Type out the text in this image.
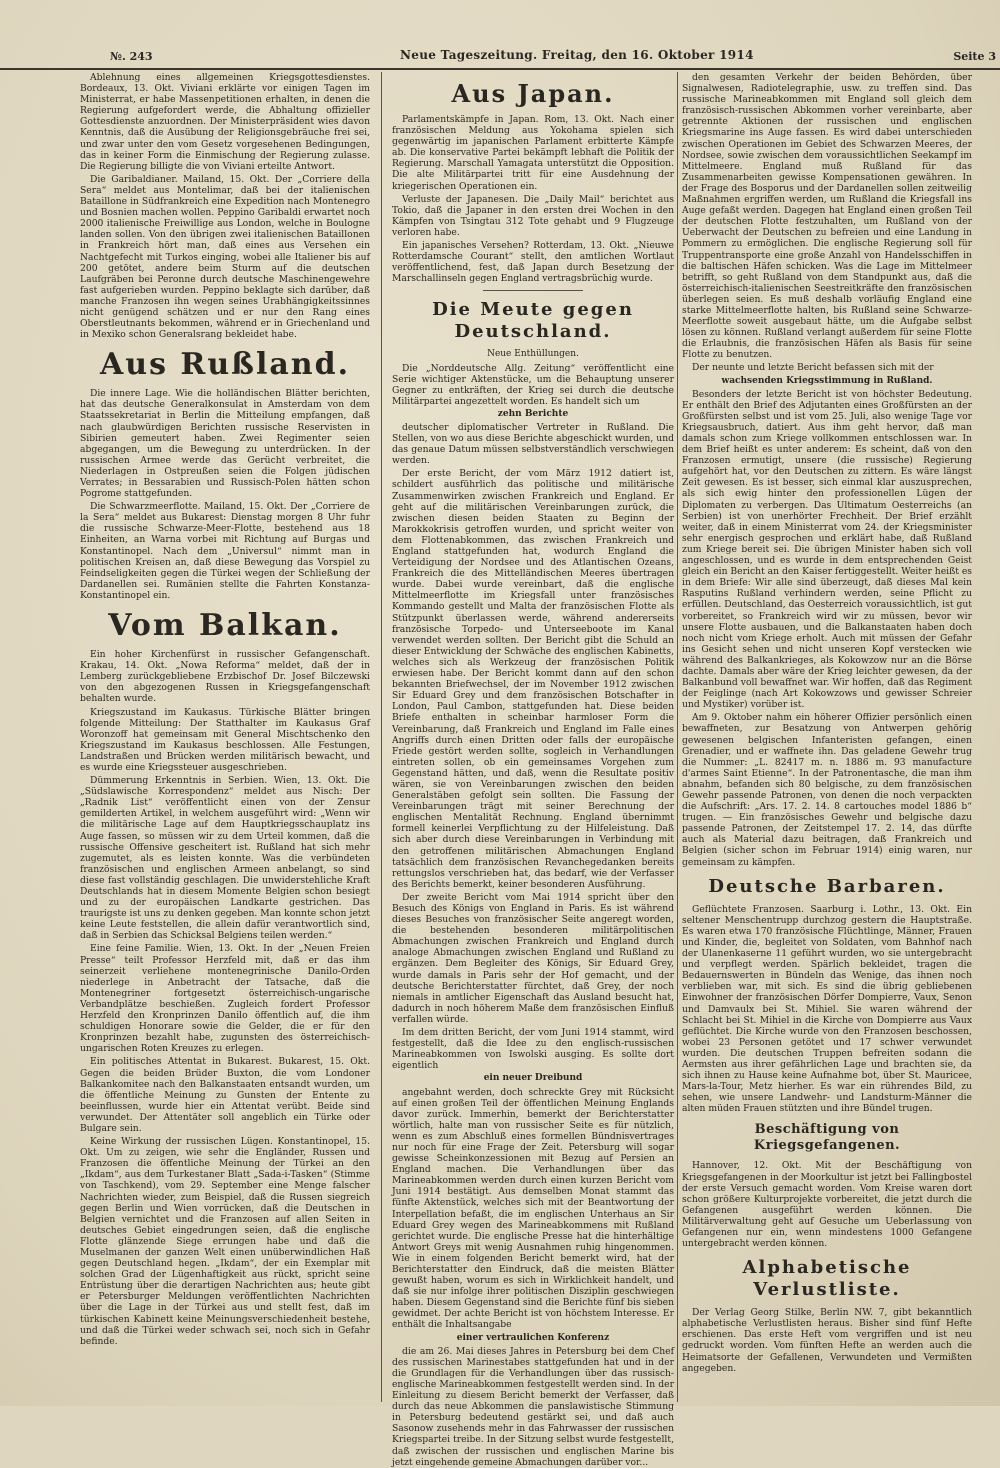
№. 243	Neue Tageszeitung. Freitag, den 16. Oktober 1914	Seite 3

Ablehnung eines allgemeinen Kriegsgottesdienstes. Bordeaux, 13. Okt. Viviani erklärte vor einigen Tagen im Ministerrat, er habe Massenpetitionen erhalten, in denen die Regierung aufgefordert werde, die Abhaltung offizieller Gottesdienste anzuordnen. Der Ministerpräsident wies davon Kenntnis, daß die Ausübung der Religionsgebräuche frei sei, und zwar unter den vom Gesetz vorgesehenen Bedingungen, das in keiner Form die Einmischung der Regierung zulasse. Die Regierung billigte die von Viviani erteilte Antwort.

Die Garibaldianer. Mailand, 15. Okt. Der „Corriere della Sera“ meldet aus Montelimar, daß bei der italienischen Bataillone in Südfrankreich eine Expedition nach Montenegro und Bosnien machen wollen. Peppino Garibaldi erwartet noch 2000 italienische Freiwillige aus London, welche in Boulogne landen sollen. Von den übrigen zwei italienischen Bataillonen in Frankreich hört man, daß eines aus Versehen ein Nachtgefecht mit Turkos einging, wobei alle Italiener bis auf 200 getötet, andere beim Sturm auf die deutschen Laufgräben bei Peronne durch deutsche Maschinengewehre fast aufgerieben wurden. Peppino beklagte sich darüber, daß manche Franzosen ihn wegen seines Urabhängigkeitssinnes nicht genügend schätzen und er nur den Rang eines Oberstleutnants bekommen, während er in Griechenland und in Mexiko schon Generalsrang bekleidet habe.

Aus Rußland.

Die innere Lage. Wie die holländischen Blätter berichten, hat das deutsche Generalkonsulat in Amsterdam von dem Staatssekretariat in Berlin die Mitteilung empfangen, daß nach glaubwürdigen Berichten russische Reservisten in Sibirien gemeutert haben. Zwei Regimenter seien abgegangen, um die Bewegung zu unterdrücken. In der russischen Armee werde das Gerücht verbreitet, die Niederlagen in Ostpreußen seien die Folgen jüdischen Verrates; in Bessarabien und Russisch-Polen hätten schon Pogrome stattgefunden.

Die Schwarzmeerflotte. Mailand, 15. Okt. Der „Corriere de la Sera“ meldet aus Bukarest: Dienstag morgen 8 Uhr fuhr die russische Schwarze-Meer-Flotte, bestehend aus 18 Einheiten, an Warna vorbei mit Richtung auf Burgas und Konstantinopel. Nach dem „Universul“ nimmt man in politischen Kreisen an, daß diese Bewegung das Vorspiel zu Feindseligkeiten gegen die Türkei wegen der Schließung der Dardanellen sei. Rumänien stellte die Fahrten Konstanza-Konstantinopel ein.

Vom Balkan.

Ein hoher Kirchenfürst in russischer Gefangenschaft. Krakau, 14. Okt. „Nowa Reforma“ meldet, daß der in Lemberg zurückgebliebene Erzbischof Dr. Josef Bilczewski von den abgezogenen Russen in Kriegsgefangenschaft behalten wurde.

Kriegszustand im Kaukasus. Türkische Blätter bringen folgende Mitteilung: Der Statthalter im Kaukasus Graf Woronzoff hat gemeinsam mit General Mischtschenko den Kriegszustand im Kaukasus beschlossen. Alle Festungen, Landstraßen und Brücken werden militärisch bewacht, und es wurde eine Kriegssteuer ausgeschrieben.

Dümmerung Erkenntnis in Serbien. Wien, 13. Okt. Die „Südslawische Korrespondenz“ meldet aus Nisch: Der „Radnik List“ veröffentlicht einen von der Zensur gemilderten Artikel, in welchem ausgeführt wird: „Wenn wir die militärische Lage auf dem Hauptkriegsschauplatz ins Auge fassen, so müssen wir zu dem Urteil kommen, daß die russische Offensive gescheitert ist. Rußland hat sich mehr zugemutet, als es leisten konnte. Was die verbündeten französischen und englischen Armeen anbelangt, so sind diese fast vollständig geschlagen. Die unwiderstehliche Kraft Deutschlands hat in diesem Momente Belgien schon besiegt und zu der europäischen Landkarte gestrichen. Das traurigste ist uns zu denken gegeben. Man konnte schon jetzt keine Leute feststellen, die allein dafür verantwortlich sind, daß in Serbien das Schicksal Belgiens teilen werden.“

Eine feine Familie. Wien, 13. Okt. In der „Neuen Freien Presse“ teilt Professor Herzfeld mit, daß er das ihm seinerzeit verliehene montenegrinische Danilo-Orden niederlege in Anbetracht der Tatsache, daß die Montenegriner fortgesetzt österreichisch-ungarische Verbandplätze beschießen. Zugleich fordert Professor Herzfeld den Kronprinzen Danilo öffentlich auf, die ihm schuldigen Honorare sowie die Gelder, die er für den Kronprinzen bezahlt habe, zugunsten des österreichisch-ungarischen Roten Kreuzes zu erlegen.

Ein politisches Attentat in Bukarest. Bukarest, 15. Okt. Gegen die beiden Brüder Buxton, die vom Londoner Balkankomitee nach den Balkanstaaten entsandt wurden, um die öffentliche Meinung zu Gunsten der Entente zu beeinflussen, wurde hier ein Attentat verübt. Beide sind verwundet. Der Attentäter soll angeblich ein Türke oder Bulgare sein.

Keine Wirkung der russischen Lügen. Konstantinopel, 15. Okt. Um zu zeigen, wie sehr die Engländer, Russen und Franzosen die öffentliche Meinung der Türkei an den „Ikdam“, aus dem Turkestaner Blatt „Sada-i-Tasken“ (Stimme von Taschkend), vom 29. September eine Menge falscher Nachrichten wieder, zum Beispiel, daß die Russen siegreich gegen Berlin und Wien vorrücken, daß die Deutschen in Belgien vernichtet und die Franzosen auf allen Seiten in deutsches Gebiet eingedrungen seien, daß die englische Flotte glänzende Siege errungen habe und daß die Muselmanen der ganzen Welt einen unüberwindlichen Haß gegen Deutschland hegen. „Ikdam“, der ein Exemplar mit solchen Grad der Lügenhaftigkeit aus rückt, spricht seine Entrüstung über die derartigen Nachrichten aus; heute gibt er Petersburger Meldungen veröffentlichten Nachrichten über die Lage in der Türkei aus und stellt fest, daß im türkischen Kabinett keine Meinungsverschiedenheit bestehe, und daß die Türkei weder schwach sei, noch sich in Gefahr befinde.

Aus Japan.

Parlamentskämpfe in Japan. Rom, 13. Okt. Nach einer französischen Meldung aus Yokohama spielen sich gegenwärtig im japanischen Parlament erbitterte Kämpfe ab. Die konservative Partei bekämpft lebhaft die Politik der Regierung. Marschall Yamagata unterstützt die Opposition. Die alte Militärpartei tritt für eine Ausdehnung der kriegerischen Operationen ein.

Verluste der Japanesen. Die „Daily Mail“ berichtet aus Tokio, daß die Japaner in den ersten drei Wochen in den Kämpfen von Tsingtau 312 Tote gehabt und 9 Flugzeuge verloren habe.

Ein japanisches Versehen? Rotterdam, 13. Okt. „Nieuwe Rotterdamsche Courant“ stellt, den amtlichen Wortlaut veröffentlichend, fest, daß Japan durch Besetzung der Marschallinseln gegen England vertragsbrüchig wurde.

Die Meute gegen Deutschland.
Neue Enthüllungen.

Die „Norddeutsche Allg. Zeitung“ veröffentlicht eine Serie wichtiger Aktenstücke, um die Behauptung unserer Gegner zu entkräften, der Krieg sei durch die deutsche Militärpartei angezettelt worden. Es handelt sich um

zehn Berichte

deutscher diplomatischer Vertreter in Rußland. Die Stellen, von wo aus diese Berichte abgeschickt wurden, und das genaue Datum müssen selbstverständlich verschwiegen werden.

Der erste Bericht, der vom März 1912 datiert ist, schildert ausführlich das politische und militärische Zusammenwirken zwischen Frankreich und England. Er geht auf die militärischen Vereinbarungen zurück, die zwischen diesen beiden Staaten zu Beginn der Marokkokrisis getroffen wurden, und spricht weiter von dem Flottenabkommen, das zwischen Frankreich und England stattgefunden hat, wodurch England die Verteidigung der Nordsee und des Atlantischen Ozeans, Frankreich die des Mittelländischen Meeres übertragen wurde. Dabei wurde vereinbart, daß die englische Mittelmeerflotte im Kriegsfall unter französisches Kommando gestellt und Malta der französischen Flotte als Stützpunkt überlassen werde, während andererseits französische Torpedo- und Unterseeboote im Kanal verwendet werden sollten. Der Bericht gibt die Schuld an dieser Entwicklung der Schwäche des englischen Kabinetts, welches sich als Werkzeug der französischen Politik erwiesen habe. Der Bericht kommt dann auf den schon bekannten Briefwechsel, der im November 1912 zwischen Sir Eduard Grey und dem französischen Botschafter in London, Paul Cambon, stattgefunden hat. Diese beiden Briefe enthalten in scheinbar harmloser Form die Vereinbarung, daß Frankreich und England im Falle eines Angriffs durch einen Dritten oder falls der europäische Friede gestört werden sollte, sogleich in Verhandlungen eintreten sollen, ob ein gemeinsames Vorgehen zum Gegenstand hätten, und daß, wenn die Resultate positiv wären, sie von Vereinbarungen zwischen den beiden Generalstäben gefolgt sein sollten. Die Fassung der Vereinbarungen trägt mit seiner Berechnung der englischen Mentalität Rechnung. England übernimmt formell keinerlei Verpflichtung zu der Hilfeleistung. Daß sich aber durch diese Vereinbarungen in Verbindung mit den getroffenen militärischen Abmachungen England tatsächlich dem französischen Revanchegedanken bereits rettungslos verschrieben hat, das bedarf, wie der Verfasser des Berichts bemerkt, keiner besonderen Ausführung.

Der zweite Bericht vom Mai 1914 spricht über den Besuch des Königs von England in Paris. Es ist während dieses Besuches von französischer Seite angeregt worden, die bestehenden besonderen militärpolitischen Abmachungen zwischen Frankreich und England durch analoge Abmachungen zwischen England und Rußland zu ergänzen. Dem Begleiter des Königs, Sir Eduard Grey, wurde damals in Paris sehr der Hof gemacht, und der deutsche Berichterstatter fürchtet, daß Grey, der noch niemals in amtlicher Eigenschaft das Ausland besucht hat, dadurch in noch höherem Maße dem französischen Einfluß verfallen würde.

Im dem dritten Bericht, der vom Juni 1914 stammt, wird festgestellt, daß die Idee zu den englisch-russischen Marineabkommen von Iswolski ausging. Es sollte dort eigentlich

ein neuer Dreibund

angebahnt werden, doch schreckte Grey mit Rücksicht auf einen großen Teil der öffentlichen Meinung Englands davor zurück. Immerhin, bemerkt der Berichterstatter wörtlich, halte man von russischer Seite es für nützlich, wenn es zum Abschluß eines formellen Bündnisvertrages nur noch für eine Frage der Zeit. Petersburg will sogar gewisse Scheinkonzessionen mit Bezug auf Persien an England machen. Die Verhandlungen über das Marineabkommen werden durch einen kurzen Bericht vom Juni 1914 bestätigt. Aus demselben Monat stammt das fünfte Aktenstück, welches sich mit der Beantwortung der Interpellation befaßt, die im englischen Unterhaus an Sir Eduard Grey wegen des Marineabkommens mit Rußland gerichtet wurde. Die englische Presse hat die hinterhältige Antwort Greys mit wenig Ausnahmen ruhig hingenommen. Wie in einem folgenden Bericht bemerkt wird, hat der Berichterstatter den Eindruck, daß die meisten Blätter gewußt haben, worum es sich in Wirklichkeit handelt, und daß sie nur infolge ihrer politischen Disziplin geschwiegen haben. Diesem Gegenstand sind die Berichte fünf bis sieben gewidmet. Der achte Bericht ist von höchstem Interesse. Er enthält die Inhaltsangabe

einer vertraulichen Konferenz

die am 26. Mai dieses Jahres in Petersburg bei dem Chef des russischen Marinestabes stattgefunden hat und in der die Grundlagen für die Verhandlungen über das russisch-englische Marineabkommen festgestellt werden sind. In der Einleitung zu diesem Bericht bemerkt der Verfasser, daß durch das neue Abkommen die panslawistische Stimmung in Petersburg bedeutend gestärkt sei, und daß auch Sasonow zusehends mehr in das Fahrwasser der russischen Kriegspartei treibe. In der Sitzung selbst wurde festgestellt, daß zwischen der russischen und englischen Marine bis jetzt eingehende gemeine Abmachungen darüber vor...

den gesamten Verkehr der beiden Behörden, über Signalwesen, Radiotelegraphie, usw. zu treffen sind. Das russische Marineabkommen mit England soll gleich dem französisch-russischen Abkommen vorher vereinbarte, aber getrennte Aktionen der russischen und englischen Kriegsmarine ins Auge fassen. Es wird dabei unterschieden zwischen Operationen im Gebiet des Schwarzen Meeres, der Nordsee, sowie zwischen dem voraussichtlichen Seekampf im Mittelmeere. England muß Rußland für das Zusammenarbeiten gewisse Kompensationen gewähren. In der Frage des Bosporus und der Dardanellen sollen zeitweilig Maßnahmen ergriffen werden, um Rußland die Kriegsfall ins Auge gefaßt werden. Dagegen hat England einen großen Teil der deutschen Flotte festzuhalten, um Rußland von der Ueberwacht der Deutschen zu befreien und eine Landung in Pommern zu ermöglichen. Die englische Regierung soll für Truppentransporte eine große Anzahl von Handelsschiffen in die baltischen Häfen schicken. Was die Lage im Mittelmeer betrifft, so geht Rußland von dem Standpunkt aus, daß die österreichisch-italienischen Seestreitkräfte den französischen überlegen seien. Es muß deshalb vorläufig England eine starke Mittelmeerflotte halten, bis Rußland seine Schwarze-Meerflotte soweit ausgebaut hätte, um die Aufgabe selbst lösen zu können. Rußland verlangt außerdem für seine Flotte die Erlaubnis, die französischen Häfen als Basis für seine Flotte zu benutzen.

Der neunte und letzte Bericht befassen sich mit der

wachsenden Kriegsstimmung in Rußland.

Besonders der letzte Bericht ist von höchster Bedeutung. Er enthält den Brief des Adjutanten eines Großfürsten an der Großfürsten selbst und ist vom 25. Juli, also wenige Tage vor Kriegsausbruch, datiert. Aus ihm geht hervor, daß man damals schon zum Kriege vollkommen entschlossen war. In dem Brief heißt es unter anderem: Es scheint, daß von den Franzosen ermutigt, unsere (die russische) Regierung aufgehört hat, vor den Deutschen zu zittern. Es wäre längst Zeit gewesen. Es ist besser, sich einmal klar auszusprechen, als sich ewig hinter den professionellen Lügen der Diplomaten zu verbergen. Das Ultimatum Oesterreichs (an Serbien) ist von unerhörter Frechheit. Der Brief erzählt weiter, daß in einem Ministerrat vom 24. der Kriegsminister sehr energisch gesprochen und erklärt habe, daß Rußland zum Kriege bereit sei. Die übrigen Minister haben sich voll angeschlossen, und es wurde in dem entsprechenden Geist gleich ein Bericht an den Kaiser fertiggestellt. Weiter heißt es in dem Briefe: Wir alle sind überzeugt, daß dieses Mal kein Rasputins Rußland verhindern werden, seine Pflicht zu erfüllen. Deutschland, das Oesterreich voraussichtlich, ist gut vorbereitet, so Frankreich wird wir zu müssen, bevor wir unsere Flotte ausbauen, und die Balkanstaaten haben doch noch nicht vom Kriege erholt. Auch mit müssen der Gefahr ins Gesicht sehen und nicht unseren Kopf verstecken wie während des Balkankrieges, als Kokowzow nur an die Börse dachte. Damals aber wäre der Krieg leichter gewesen, da der Balkanbund voll bewaffnet war. Wir hoffen, daß das Regiment der Feiglinge (nach Art Kokowzows und gewisser Schreier und Mystiker) vorüber ist.

Am 9. Oktober nahm ein höherer Offizier persönlich einen bewaffneten, zur Besatzung von Antwerpen gehörig gewesenen belgischen Infanteristen gefangen, einen Grenadier, und er waffnete ihn. Das geladene Gewehr trug die Nummer: „L. 82417 m. n. 1886 m. 93 manufacture d'armes Saint Etienne“. In der Patronentasche, die man ihm abnahm, befanden sich 80 belgische, zu dem französischen Gewehr passende Patronen, von denen die noch verpackten die Aufschrift: „Ars. 17. 2. 14. 8 cartouches model 1886 b“ trugen. — Ein französisches Gewehr und belgische dazu passende Patronen, der Zeitstempel 17. 2. 14, das dürfte auch als Material dazu beitragen, daß Frankreich und Belgien (sicher schon im Februar 1914) einig waren, nur gemeinsam zu kämpfen.

Deutsche Barbaren.

Geflüchtete Franzosen. Saarburg i. Lothr., 13. Okt. Ein seltener Menschentrupp durchzog gestern die Hauptstraße. Es waren etwa 170 französische Flüchtlinge, Männer, Frauen und Kinder, die, begleitet von Soldaten, vom Bahnhof nach der Ulanenkaserne 11 geführt wurden, wo sie untergebracht und verpflegt werden. Spärlich bekleidet, tragen die Bedauernswerten in Bündeln das Wenige, das ihnen noch verblieben war, mit sich. Es sind die übrig gebliebenen Einwohner der französischen Dörfer Dompierre, Vaux, Senon und Damvaulx bei St. Mihiel. Sie waren während der Schlacht bei St. Mihiel in die Kirche von Dompierre aus Vaux geflüchtet. Die Kirche wurde von den Franzosen beschossen, wobei 23 Personen getötet und 17 schwer verwundet wurden. Die deutschen Truppen befreiten sodann die Aermsten aus ihrer gefährlichen Lage und brachten sie, da sich ihnen zu Hause keine Aufnahme bot, über St. Mauricee, Mars-la-Tour, Metz hierher. Es war ein rührendes Bild, zu sehen, wie unsere Landwehr- und Landsturm-Männer die alten müden Frauen stützten und ihre Bündel trugen.

Beschäftigung von Kriegsgefangenen.

Hannover, 12. Okt. Mit der Beschäftigung von Kriegsgefangenen in der Moorkultur ist jetzt bei Fallingbostel der erste Versuch gemacht worden. Vom Kreise waren dort schon größere Kulturprojekte vorbereitet, die jetzt durch die Gefangenen ausgeführt werden können. Die Militärverwaltung geht auf Gesuche um Ueberlassung von Gefangenen nur ein, wenn mindestens 1000 Gefangene untergebracht werden können.

Alphabetische Verlustliste.

Der Verlag Georg Stilke, Berlin NW. 7, gibt bekanntlich alphabetische Verlustlisten heraus. Bisher sind fünf Hefte erschienen. Das erste Heft vom vergriffen und ist neu gedruckt worden. Vom fünften Hefte an werden auch die Heimatsorte der Gefallenen, Verwundeten und Vermißten angegeben.
